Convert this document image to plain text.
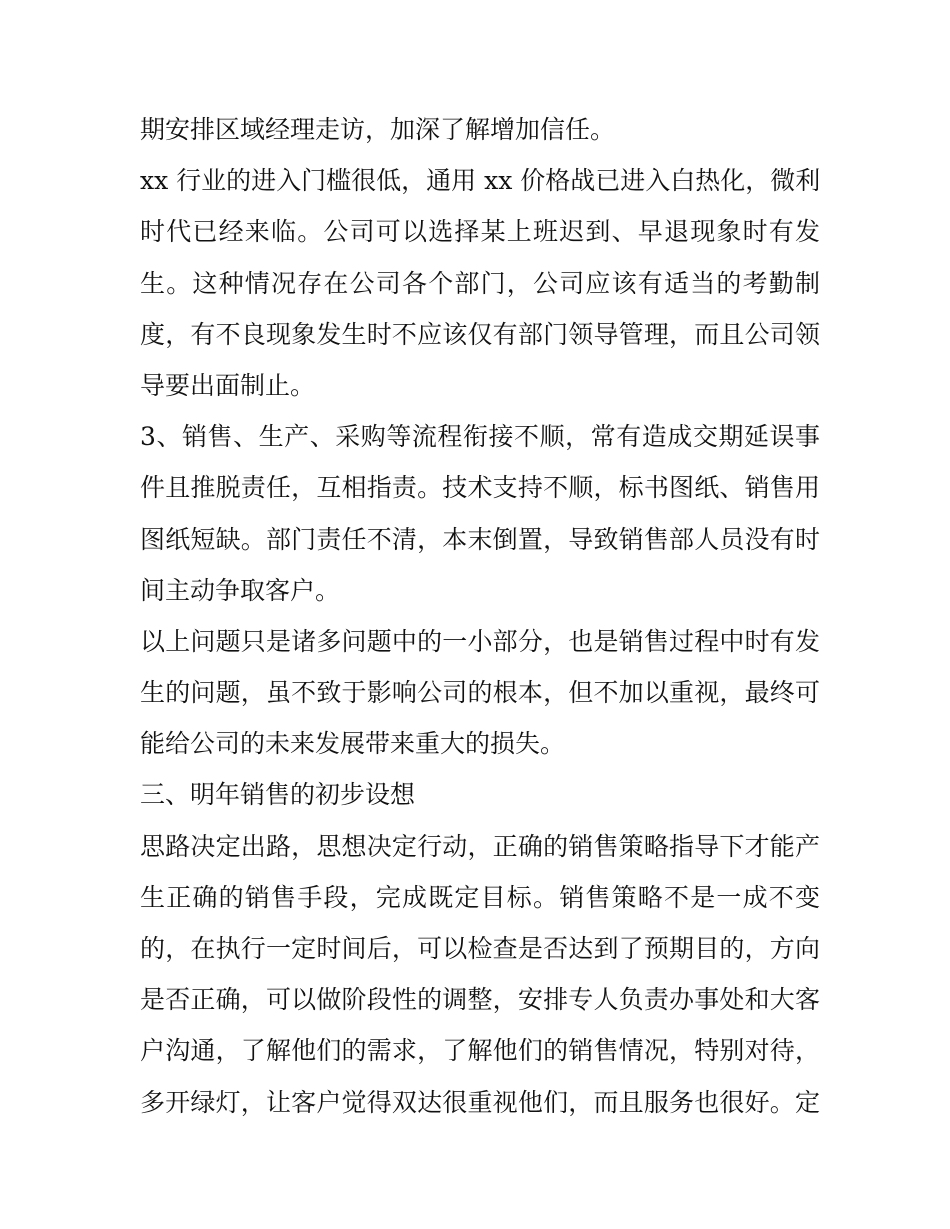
期安排区域经理走访，加深了解增加信任。
xx 行业的进入门槛很低，通用 xx 价格战已进入白热化，微利
时代已经来临。公司可以选择某上班迟到、早退现象时有发
生。这种情况存在公司各个部门，公司应该有适当的考勤制
度，有不良现象发生时不应该仅有部门领导管理，而且公司领
导要出面制止。
3、销售、生产、采购等流程衔接不顺，常有造成交期延误事
件且推脱责任，互相指责。技术支持不顺，标书图纸、销售用
图纸短缺。部门责任不清，本末倒置，导致销售部人员没有时
间主动争取客户。
以上问题只是诸多问题中的一小部分，也是销售过程中时有发
生的问题，虽不致于影响公司的根本，但不加以重视，最终可
能给公司的未来发展带来重大的损失。
三、明年销售的初步设想
思路决定出路，思想决定行动，正确的销售策略指导下才能产
生正确的销售手段，完成既定目标。销售策略不是一成不变
的，在执行一定时间后，可以检查是否达到了预期目的，方向
是否正确，可以做阶段性的调整，安排专人负责办事处和大客
户沟通，了解他们的需求，了解他们的销售情况，特别对待，
多开绿灯，让客户觉得双达很重视他们，而且服务也很好。定
